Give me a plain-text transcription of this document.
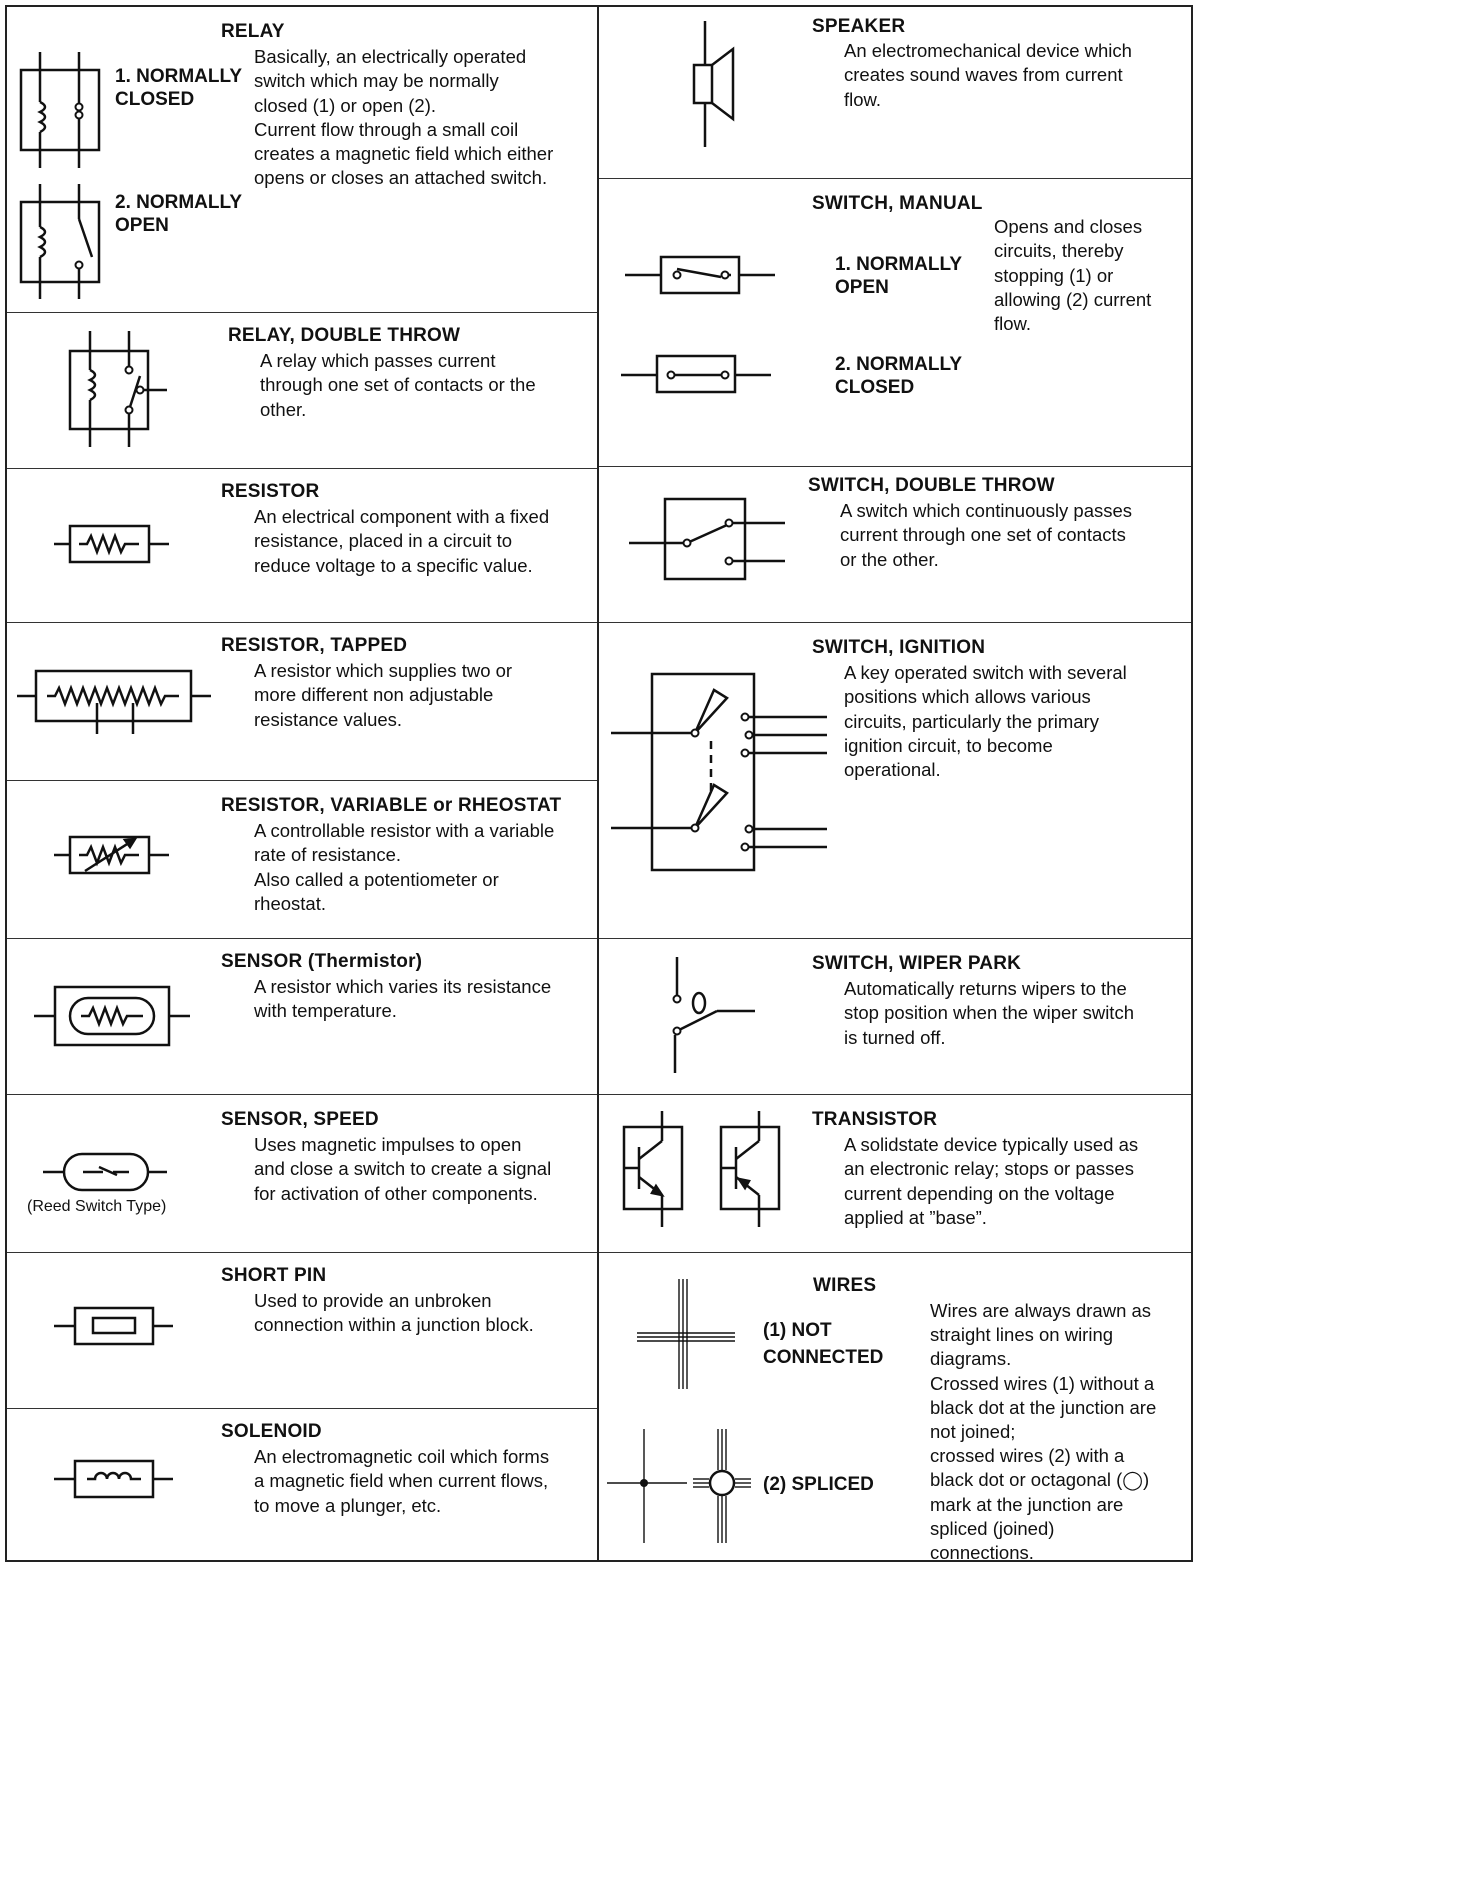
RELAY
1. NORMALLY
CLOSED
2. NORMALLY
OPEN
Basically, an electrically operated
switch which may be normally
closed (1) or open (2).
Current flow through a small coil
creates a magnetic field which either
opens or closes an attached switch.
RELAY, DOUBLE THROW
A relay which passes current
through one set of contacts or the
other.
RESISTOR
An electrical component with a fixed
resistance, placed in a circuit to
reduce voltage to a specific value.
RESISTOR, TAPPED
A resistor which supplies two or
more different non adjustable
resistance values.
RESISTOR, VARIABLE or RHEOSTAT
A controllable resistor with a variable
rate of resistance.
Also called a potentiometer or
rheostat.
SENSOR (Thermistor)
A resistor which varies its resistance
with temperature.
SENSOR, SPEED
Uses magnetic impulses to open
and close a switch to create a signal
for activation of other components.
(Reed Switch Type)
SHORT PIN
Used to provide an unbroken
connection within a junction block.
SOLENOID
An electromagnetic coil which forms
a magnetic field when current flows,
to move a plunger, etc.
SPEAKER
An electromechanical device which
creates sound waves from current
flow.
SWITCH, MANUAL
1. NORMALLY
OPEN
2. NORMALLY
CLOSED
Opens and closes
circuits, thereby
stopping (1) or
allowing (2) current
flow.
SWITCH, DOUBLE THROW
A switch which continuously passes
current through one set of contacts
or the other.
SWITCH, IGNITION
A key operated switch with several
positions which allows various
circuits, particularly the primary
ignition circuit, to become
operational.
SWITCH, WIPER PARK
Automatically returns wipers to the
stop position when the wiper switch
is turned off.
TRANSISTOR
A solidstate device typically used as
an electronic relay; stops or passes
current depending on the voltage
applied at ”base”.
WIRES
(1) NOT
CONNECTED
(2) SPLICED
Wires are always drawn as
straight lines on wiring
diagrams.
Crossed wires (1) without a
black dot at the junction are
not joined;
crossed wires (2) with a
black dot or octagonal (◯)
mark at the junction are
spliced (joined)
connections.
